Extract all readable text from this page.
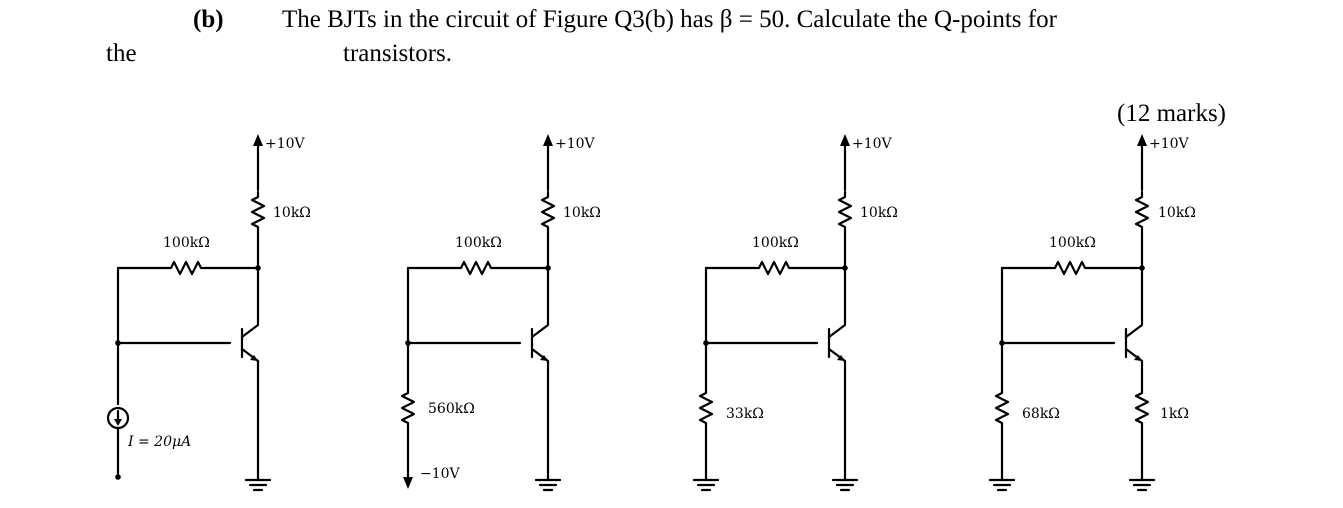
(b) The BJTs in the circuit of Figure Q3(b) has β = 50. Calculate the Q-points for
the	transistors.
(12 marks)
+10V
10kΩ
100kΩ
I = 20μA
+10V
10kΩ
100kΩ
560kΩ
−10V
+10V
10kΩ
100kΩ
33kΩ
+10V
10kΩ
100kΩ
68kΩ	1kΩ
